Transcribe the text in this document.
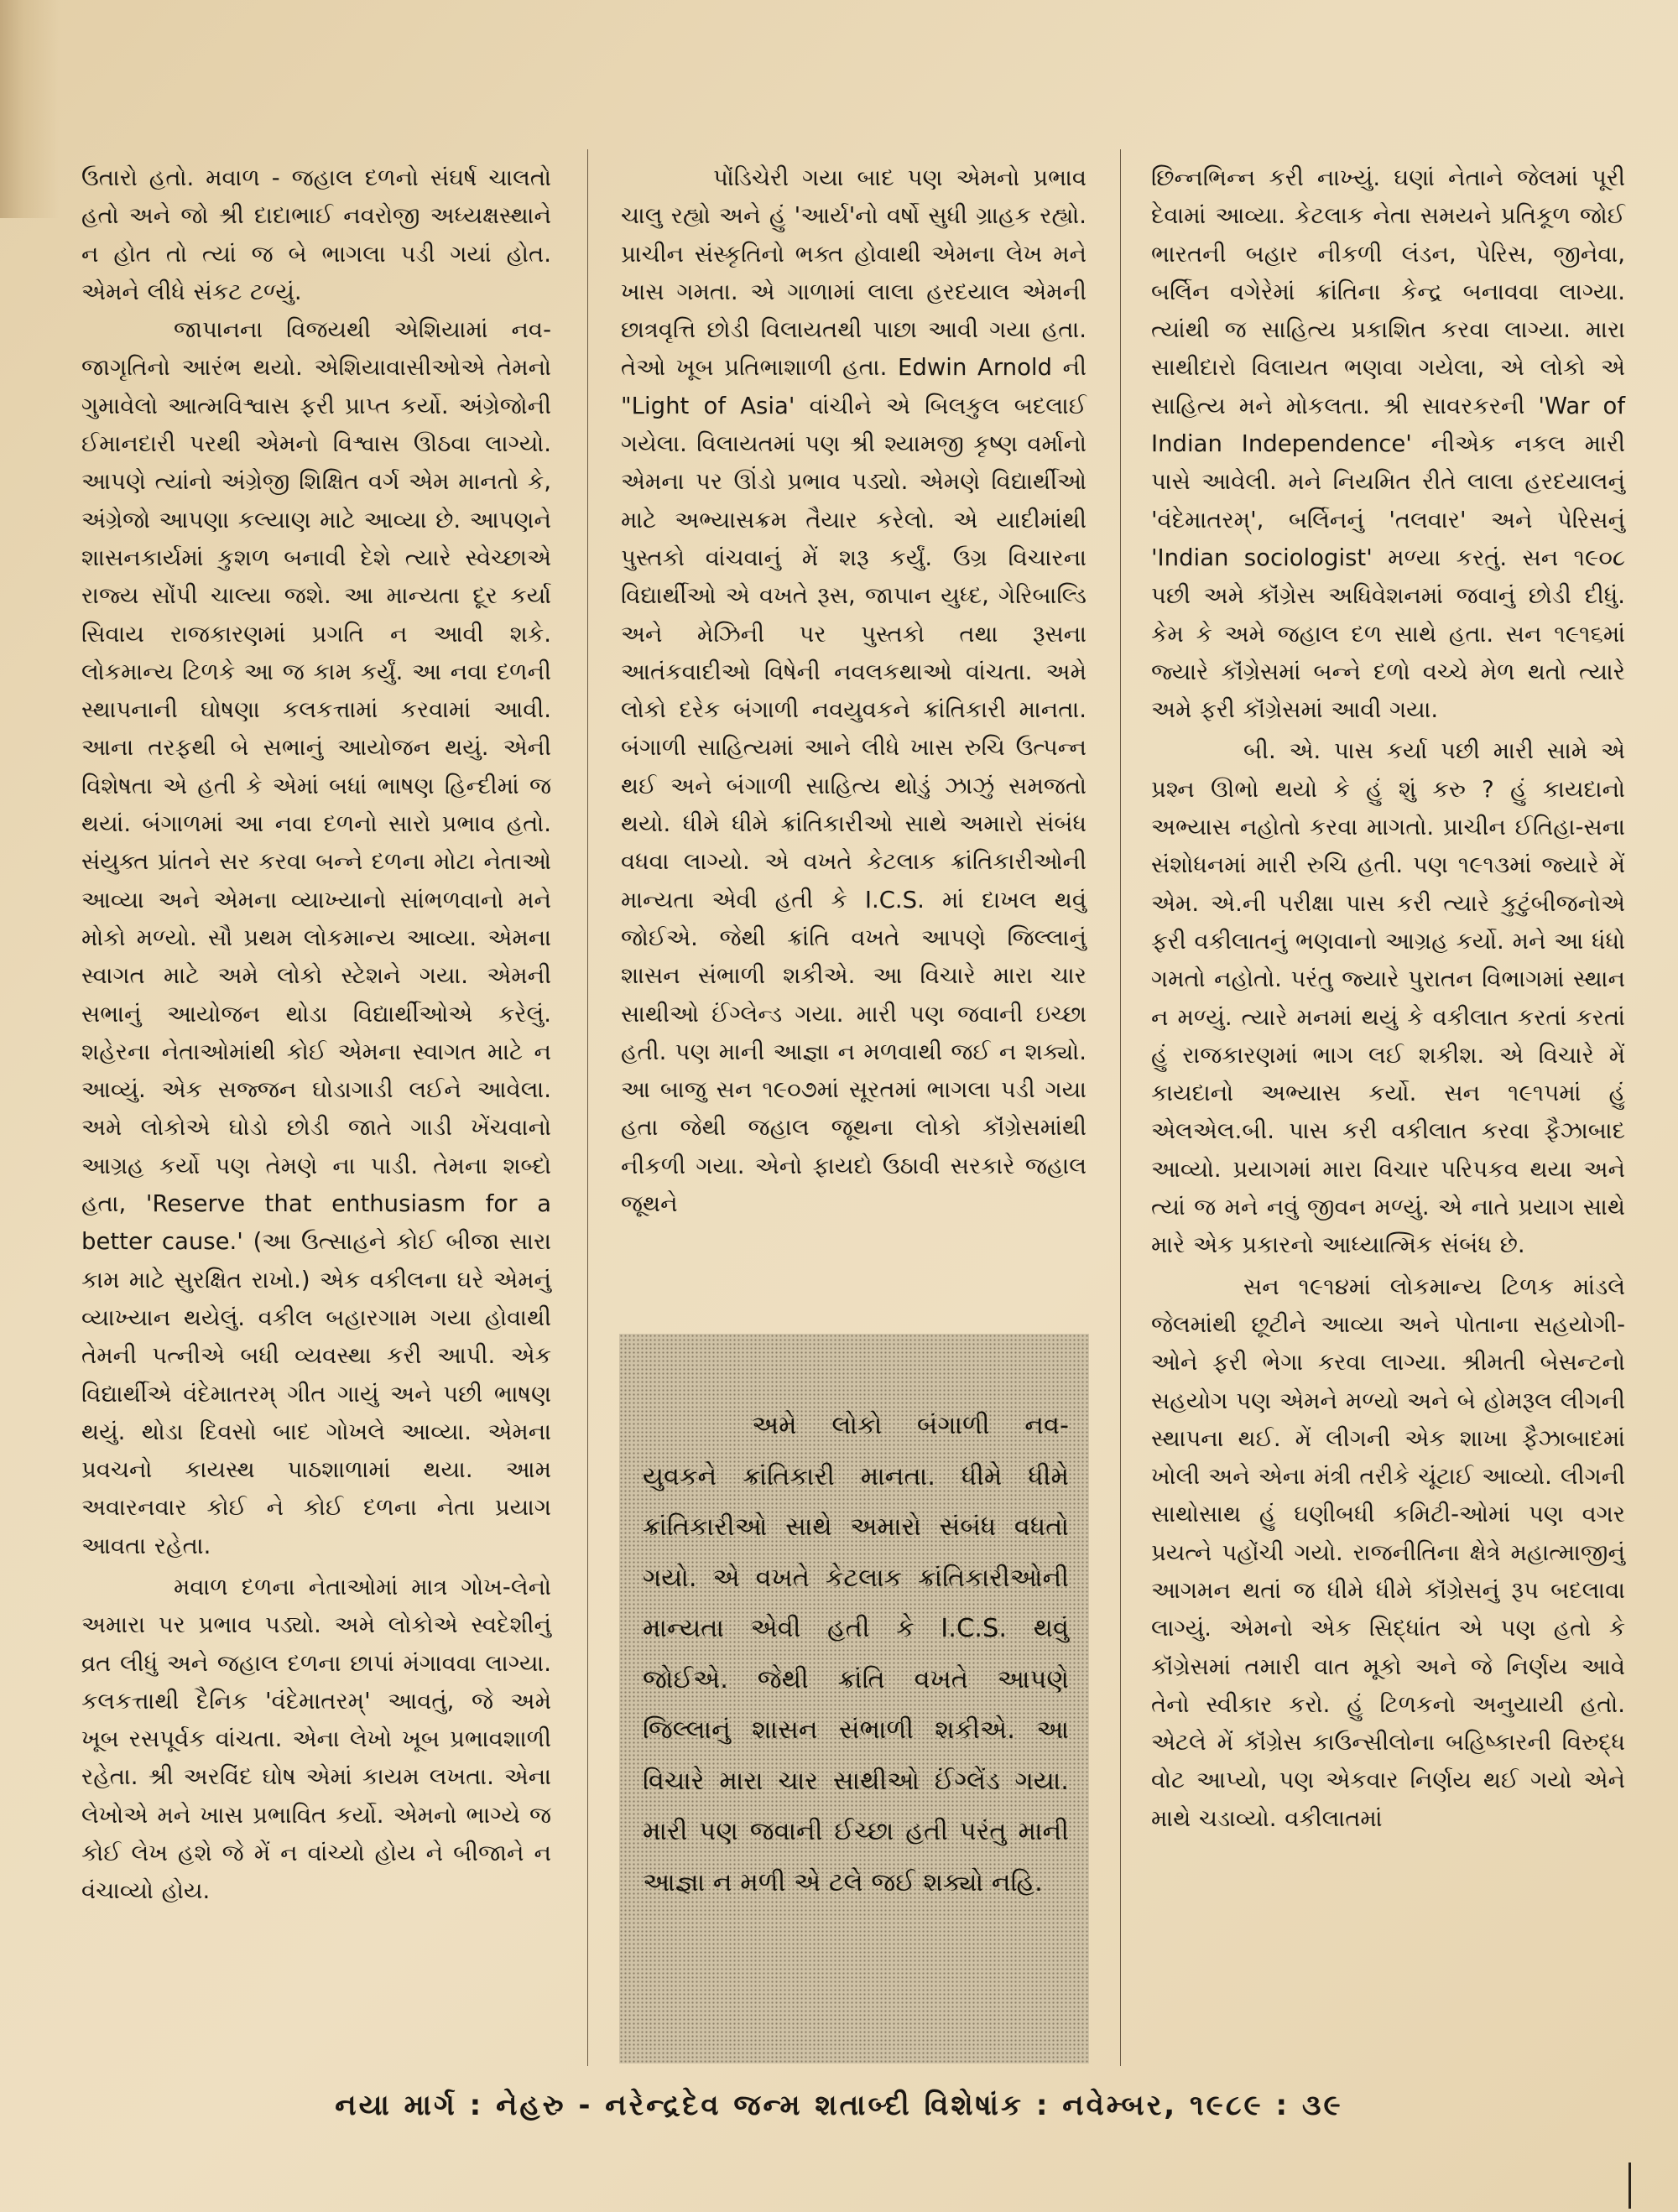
ઉતારો હતો. મવાળ - જહાલ દળનો સંઘર્ષ ચાલતો હતો અને જો શ્રી દાદાભાઈ નવરોજી અધ્યક્ષસ્થાને ન હોત તો ત્યાં જ બે ભાગલા પડી ગયાં હોત. એમને લીધે સંકટ ટળ્યું.

જાપાનના વિજયથી એશિયામાં નવ-જાગૃતિનો આરંભ થયો. એશિયાવાસીઓએ તેમનો ગુમાવેલો આત્મવિશ્વાસ ફરી પ્રાપ્ત કર્યો. અંગ્રેજોની ઈમાનદારી પરથી એમનો વિશ્વાસ ઊઠવા લાગ્યો. આપણે ત્યાંનો અંગ્રેજી શિક્ષિત વર્ગ એમ માનતો કે, અંગ્રેજો આપણા કલ્યાણ માટે આવ્યા છે. આપણને શાસનકાર્યમાં કુશળ બનાવી દેશે ત્યારે સ્વેચ્છાએ રાજ્ય સોંપી ચાલ્યા જશે. આ માન્યતા દૂર કર્યા સિવાય રાજકારણમાં પ્રગતિ ન આવી શકે. લોકમાન્ય ટિળકે આ જ કામ કર્યું. આ નવા દળની સ્થાપનાની ઘોષણા કલકત્તામાં કરવામાં આવી. આના તરફથી બે સભાનું આયોજન થયું. એની વિશેષતા એ હતી કે એમાં બધાં ભાષણ હિન્દીમાં જ થયાં. બંગાળમાં આ નવા દળનો સારો પ્રભાવ હતો. સંયુક્ત પ્રાંતને સર કરવા બન્ને દળના મોટા નેતાઓ આવ્યા અને એમના વ્યાખ્યાનો સાંભળવાનો મને મોકો મળ્યો. સૌ પ્રથમ લોકમાન્ય આવ્યા. એમના સ્વાગત માટે અમે લોકો સ્ટેશને ગયા. એમની સભાનું આયોજન થોડા વિદ્યાર્થીઓએ કરેલું. શહેરના નેતાઓમાંથી કોઈ એમના સ્વાગત માટે ન આવ્યું. એક સજ્જન ઘોડાગાડી લઈને આવેલા. અમે લોકોએ ઘોડો છોડી જાતે ગાડી ખેંચવાનો આગ્રહ કર્યો પણ તેમણે ના પાડી. તેમના શબ્દો હતા, 'Reserve that enthusiasm for a better cause.' (આ ઉત્સાહને કોઈ બીજા સારા કામ માટે સુરક્ષિત રાખો.) એક વકીલના ઘરે એમનું વ્યાખ્યાન થયેલું. વકીલ બહારગામ ગયા હોવાથી તેમની પત્નીએ બધી વ્યવસ્થા કરી આપી. એક વિદ્યાર્થીએ વંદેમાતરમ્ ગીત ગાયું અને પછી ભાષણ થયું. થોડા દિવસો બાદ ગોખલે આવ્યા. એમના પ્રવચનો કાયસ્થ પાઠશાળામાં થયા. આમ અવારનવાર કોઈ ને કોઈ દળના નેતા પ્રયાગ આવતા રહેતા.

મવાળ દળના નેતાઓમાં માત્ર ગોખ-લેનો અમારા પર પ્રભાવ પડ્યો. અમે લોકોએ સ્વદેશીનું વ્રત લીધું અને જહાલ દળના છાપાં મંગાવવા લાગ્યા. કલકત્તાથી દૈનિક 'વંદેમાતરમ્' આવતું, જે અમે ખૂબ રસપૂર્વક વાંચતા. એના લેખો ખૂબ પ્રભાવશાળી રહેતા. શ્રી અરવિંદ ઘોષ એમાં કાયમ લખતા. એના લેખોએ મને ખાસ પ્રભાવિત કર્યો. એમનો ભાગ્યે જ કોઈ લેખ હશે જે મેં ન વાંચ્યો હોય ને બીજાને ન વંચાવ્યો હોય.

પોંડિચેરી ગયા બાદ પણ એમનો પ્રભાવ ચાલુ રહ્યો અને હું 'આર્ય'નો વર્ષો સુધી ગ્રાહક રહ્યો. પ્રાચીન સંસ્કૃતિનો ભક્ત હોવાથી એમના લેખ મને ખાસ ગમતા. એ ગાળામાં લાલા હરદયાલ એમની છાત્રવૃત્તિ છોડી વિલાયતથી પાછા આવી ગયા હતા. તેઓ ખૂબ પ્રતિભાશાળી હતા. Edwin Arnold ની "Light of Asia' વાંચીને એ બિલકુલ બદલાઈ ગયેલા. વિલાયતમાં પણ શ્રી શ્યામજી કૃષ્ણ વર્માનો એમના પર ઊંડો પ્રભાવ પડ્યો. એમણે વિદ્યાર્થીઓ માટે અભ્યાસક્રમ તૈયાર કરેલો. એ યાદીમાંથી પુસ્તકો વાંચવાનું મેં શરૂ કર્યું. ઉગ્ર વિચારના વિદ્યાર્થીઓ એ વખતે રૂસ, જાપાન યુધ્દ, ગેરિબાલ્ડિ અને મેઝિની પર પુસ્તકો તથા રૂસના આતંકવાદીઓ વિષેની નવલકથાઓ વાંચતા. અમે લોકો દરેક બંગાળી નવયુવકને ક્રાંતિકારી માનતા. બંગાળી સાહિત્યમાં આને લીધે ખાસ રુચિ ઉત્પન્ન થઈ અને બંગાળી સાહિત્ય થોડું ઝાઝું સમજતો થયો. ધીમે ધીમે ક્રાંતિકારીઓ સાથે અમારો સંબંધ વધવા લાગ્યો. એ વખતે કેટલાક ક્રાંતિકારીઓની માન્યતા એવી હતી કે I.C.S. માં દાખલ થવું જોઈએ. જેથી ક્રાંતિ વખતે આપણે જિલ્લાનું શાસન સંભાળી શકીએ. આ વિચારે મારા ચાર સાથીઓ ઈંગ્લેન્ડ ગયા. મારી પણ જવાની ઇચ્છા હતી. પણ માની આજ્ઞા ન મળવાથી જઈ ન શક્યો. આ બાજુ સન ૧૯૦૭માં સૂરતમાં ભાગલા પડી ગયા હતા જેથી જહાલ જૂથના લોકો કૉંગ્રેસમાંથી નીકળી ગયા. એનો ફાયદો ઉઠાવી સરકારે જહાલ જૂથને

અમે લોકો બંગાળી નવ- યુવકને ક્રાંતિકારી માનતા. ધીમે ધીમે ક્રાંતિકારીઓ સાથે અમારો સંબંધ વધતો ગયો. એ વખતે કેટલાક ક્રાંતિકારીઓની માન્યતા એવી હતી કે I.C.S. થવું જોઈએ. જેથી ક્રાંતિ વખતે આપણે જિલ્લાનું શાસન સંભાળી શકીએ. આ વિચારે મારા ચાર સાથીઓ ઈંગ્લેંડ ગયા. મારી પણ જવાની ઈચ્છા હતી પરંતુ માની આજ્ઞા ન મળી એ ટલે જઈ શક્યો નહિ.

છિન્નભિન્ન કરી નાખ્યું. ઘણાં નેતાને જેલમાં પૂરી દેવામાં આવ્યા. કેટલાક નેતા સમયને પ્રતિકૂળ જોઈ ભારતની બહાર નીકળી લંડન, પેરિસ, જીનેવા, બર્લિન વગેરેમાં ક્રાંતિના કેન્દ્ર બનાવવા લાગ્યા. ત્યાંથી જ સાહિત્ય પ્રકાશિત કરવા લાગ્યા. મારા સાથીદારો વિલાયત ભણવા ગયેલા, એ લોકો એ સાહિત્ય મને મોકલતા. શ્રી સાવરકરની 'War of Indian Independence' નીએક નકલ મારી પાસે આવેલી. મને નિયમિત રીતે લાલા હરદયાલનું 'વંદેમાતરમ્', બર્લિનનું 'તલવાર' અને પેરિસનું 'Indian sociologist' મળ્યા કરતું. સન ૧૯૦૮ પછી અમે કૉંગ્રેસ અધિવેશનમાં જવાનું છોડી દીધું. કેમ કે અમે જહાલ દળ સાથે હતા. સન ૧૯૧૬માં જ્યારે કૉંગ્રેસમાં બન્ને દળો વચ્ચે મેળ થતો ત્યારે અમે ફરી કૉંગ્રેસમાં આવી ગયા.

બી. એ. પાસ કર્યા પછી મારી સામે એ પ્રશ્ન ઊભો થયો કે હું શું કરુ ? હું કાયદાનો અભ્યાસ નહોતો કરવા માગતો. પ્રાચીન ઈતિહા-સના સંશોધનમાં મારી રુચિ હતી. પણ ૧૯૧૩માં જ્યારે મેં એમ. એ.ની પરીક્ષા પાસ કરી ત્યારે કુટુંબીજનોએ ફરી વકીલાતનું ભણવાનો આગ્રહ કર્યો. મને આ ધંધો ગમતો નહોતો. પરંતુ જ્યારે પુરાતન વિભાગમાં સ્થાન ન મળ્યું. ત્યારે મનમાં થયું કે વકીલાત કરતાં કરતાં હું રાજકારણમાં ભાગ લઈ શકીશ. એ વિચારે મેં કાયદાનો અભ્યાસ કર્યો. સન ૧૯૧૫માં હું એલએલ.બી. પાસ કરી વકીલાત કરવા ફૈઝાબાદ આવ્યો. પ્રયાગમાં મારા વિચાર પરિપકવ થયા અને ત્યાં જ મને નવું જીવન મળ્યું. એ નાતે પ્રયાગ સાથે મારે એક પ્રકારનો આધ્યાત્મિક સંબંધ છે.

સન ૧૯૧૪માં લોકમાન્ય ટિળક માંડલે જેલમાંથી છૂટીને આવ્યા અને પોતાના સહયોગી-ઓને ફરી ભેગા કરવા લાગ્યા. શ્રીમતી બેસન્ટનો સહયોગ પણ એમને મળ્યો અને બે હોમરૂલ લીગની સ્થાપના થઈ. મેં લીગની એક શાખા ફૈઝાબાદમાં ખોલી અને એના મંત્રી તરીકે ચૂંટાઈ આવ્યો. લીગની સાથોસાથ હું ઘણીબધી કમિટી-ઓમાં પણ વગર પ્રયત્ને પહોંચી ગયો. રાજનીતિના ક્ષેત્રે મહાત્માજીનું આગમન થતાં જ ધીમે ધીમે કૉંગ્રેસનું રૂપ બદલાવા લાગ્યું. એમનો એક સિદ્ધાંત એ પણ હતો કે કૉંગ્રેસમાં તમારી વાત મૂકો અને જે નિર્ણય આવે તેનો સ્વીકાર કરો. હું ટિળકનો અનુયાયી હતો. એટલે મેં કૉંગ્રેસ કાઉન્સીલોના બહિષ્કારની વિરુદ્ધ વોટ આપ્યો, પણ એકવાર નિર્ણય થઈ ગયો એને માથે ચડાવ્યો. વકીલાતમાં

નયા માર્ગ : નેહરુ - નરેન્દ્રદેવ જન્મ શતાબ્દી વિશેષાંક : નવેમ્બર, ૧૯૮૯ : ૩૯
